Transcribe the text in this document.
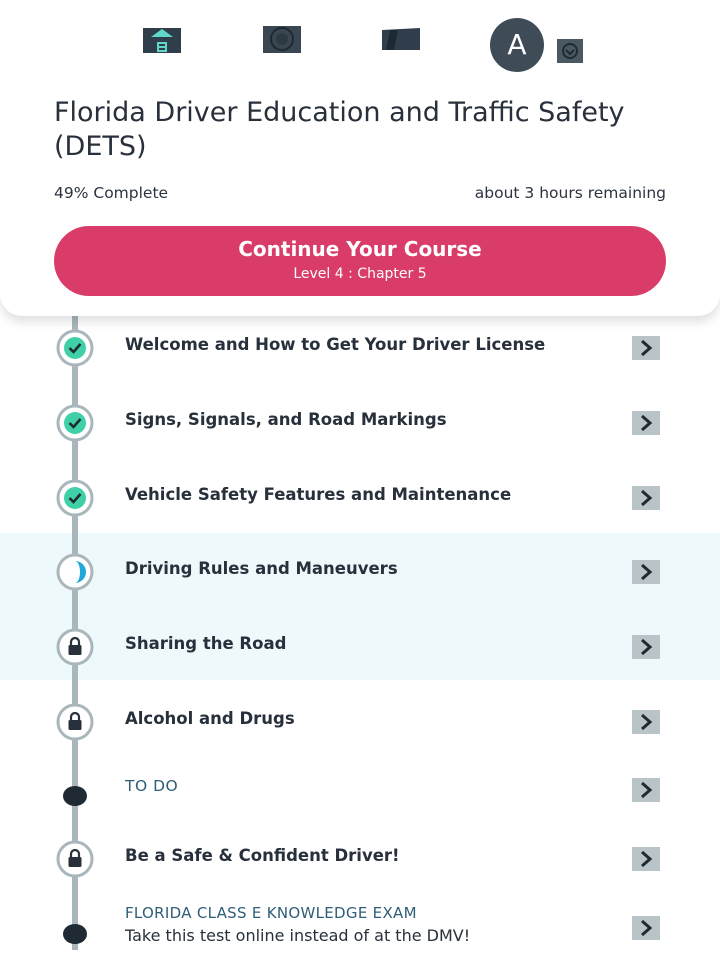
A
Florida Driver Education and Traffic Safety (DETS)
49% Complete	about 3 hours remaining
Continue Your Course
Level 4 : Chapter 5
Welcome and How to Get Your Driver License
Signs, Signals, and Road Markings
Vehicle Safety Features and Maintenance
Driving Rules and Maneuvers
Sharing the Road
Alcohol and Drugs
TO DO
Be a Safe & Confident Driver!
FLORIDA CLASS E KNOWLEDGE EXAM
Take this test online instead of at the DMV!
